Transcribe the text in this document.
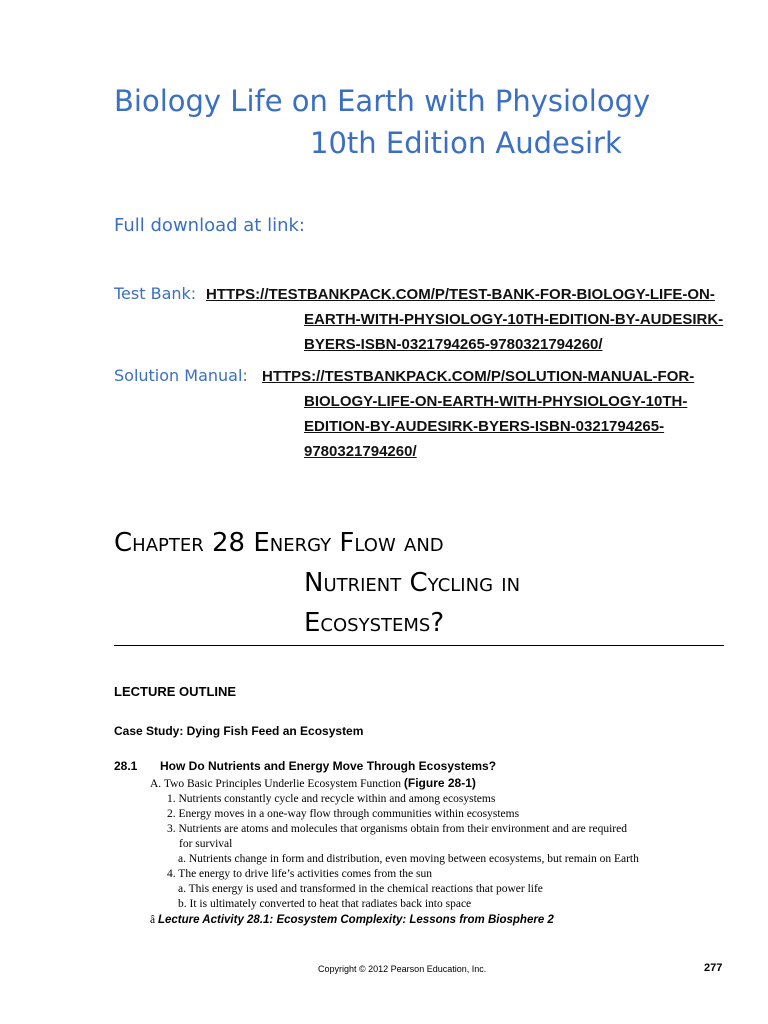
Biology Life on Earth with Physiology
10th Edition Audesirk
Full download at link:
Test Bank: HTTPS://TESTBANKPACK.COM/P/TEST-BANK-FOR-BIOLOGY-LIFE-ON-
EARTH-WITH-PHYSIOLOGY-10TH-EDITION-BY-AUDESIRK-
BYERS-ISBN-0321794265-9780321794260/
Solution Manual: HTTPS://TESTBANKPACK.COM/P/SOLUTION-MANUAL-FOR-
BIOLOGY-LIFE-ON-EARTH-WITH-PHYSIOLOGY-10TH-
EDITION-BY-AUDESIRK-BYERS-ISBN-0321794265-
9780321794260/
Chapter 28 Energy Flow and
Nutrient Cycling in
Ecosystems?
LECTURE OUTLINE
Case Study: Dying Fish Feed an Ecosystem
28.1 How Do Nutrients and Energy Move Through Ecosystems?
A. Two Basic Principles Underlie Ecosystem Function (Figure 28-1)
1. Nutrients constantly cycle and recycle within and among ecosystems
2. Energy moves in a one-way flow through communities within ecosystems
3. Nutrients are atoms and molecules that organisms obtain from their environment and are required
for survival
a. Nutrients change in form and distribution, even moving between ecosystems, but remain on Earth
4. The energy to drive life’s activities comes from the sun
a. This energy is used and transformed in the chemical reactions that power life
b. It is ultimately converted to heat that radiates back into space
â Lecture Activity 28.1: Ecosystem Complexity: Lessons from Biosphere 2
Copyright © 2012 Pearson Education, Inc.	277
